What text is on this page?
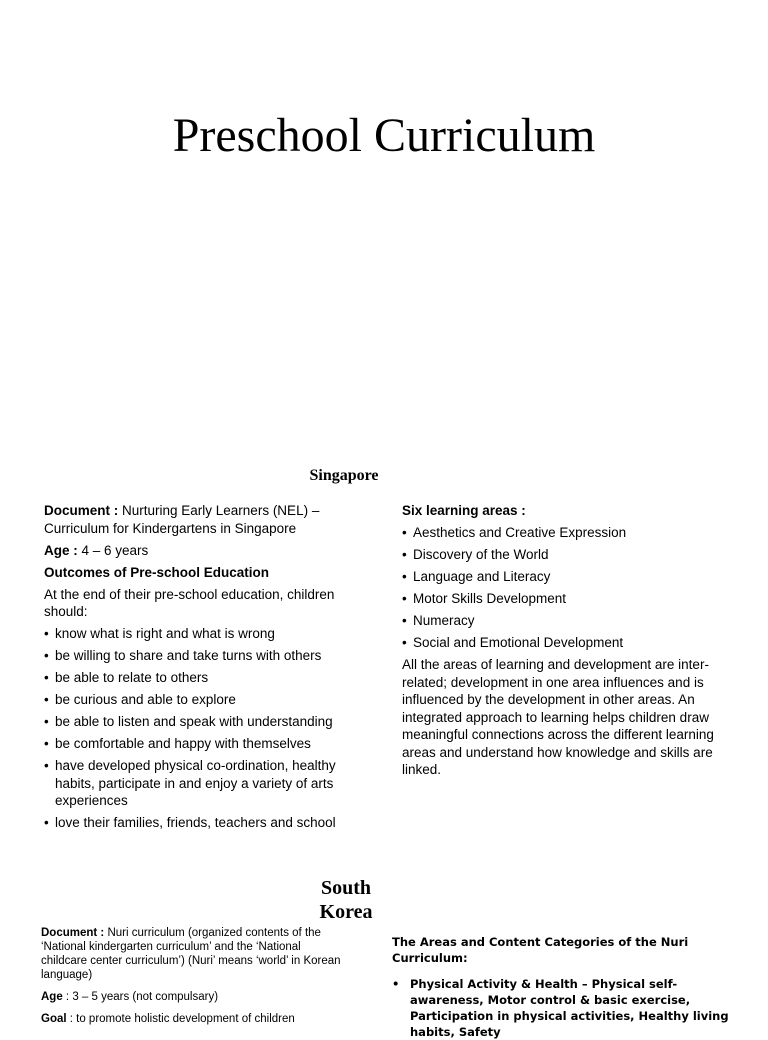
Preschool Curriculum
Singapore

Document : Nurturing Early Learners (NEL) – Curriculum for Kindergartens in Singapore

Age : 4 – 6 years

Outcomes of Pre-school Education

At the end of their pre-school education, children should:

• know what is right and what is wrong
• be willing to share and take turns with others
• be able to relate to others
• be curious and able to explore
• be able to listen and speak with understanding
• be comfortable and happy with themselves
• have developed physical co-ordination, healthy habits, participate in and enjoy a variety of arts experiences
• love their families, friends, teachers and school

Six learning areas :

• Aesthetics and Creative Expression
• Discovery of the World
• Language and Literacy
• Motor Skills Development
• Numeracy
• Social and Emotional Development

All the areas of learning and development are inter-related; development in one area influences and is influenced by the development in other areas. An integrated approach to learning helps children draw meaningful connections across the different learning areas and understand how knowledge and skills are linked.

South
Korea

Document : Nuri curriculum (organized contents of the ‘National kindergarten curriculum’ and the ‘National childcare center curriculum’) (Nuri’ means ‘world’ in Korean language)

Age : 3 – 5 years (not compulsary)

Goal : to promote holistic development of children

The Areas and Content Categories of the Nuri Curriculum:

• Physical Activity & Health – Physical self-awareness, Motor control & basic exercise, Participation in physical activities, Healthy living habits, Safety
